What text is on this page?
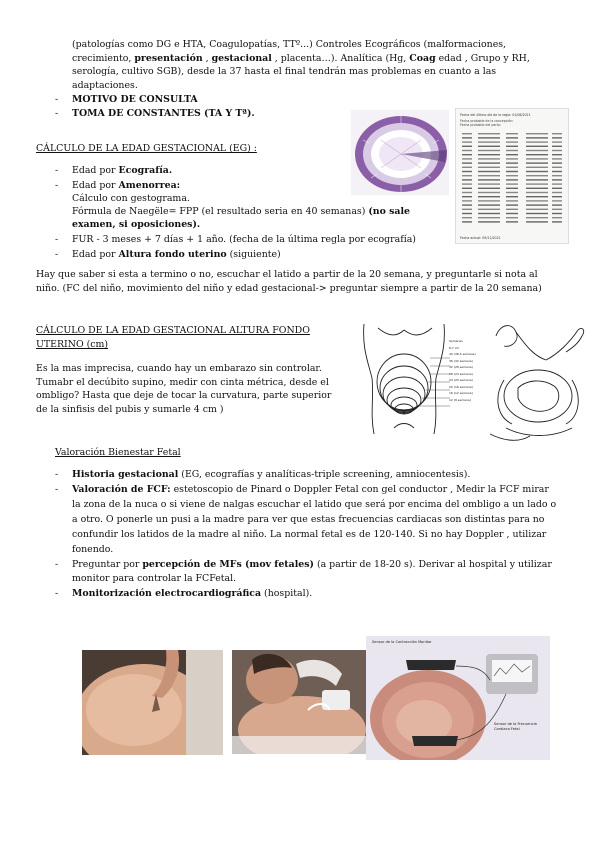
(patologías como DG e HTA, Coagulopatías, TTº...) Controles Ecográficos (malformaciones, crecimiento, presentación , gestacional , placenta…). Analítica (Hg, Coag edad , Grupo y RH, serología, cultivo SGB), desde la 37 hasta el final tendrán mas problemas en cuanto a las adaptaciones.
- MOTIVO DE CONSULTA
- TOMA DE CONSTANTES (TA Y Tª).
CÁLCULO DE LA EDAD GESTACIONAL (EG) :
- Edad por Ecografía.
- Edad por Amenorrea:
Cálculo con gestograma.
Fórmula de Naegële= FPP (el resultado seria en 40 semanas) (no sale examen, si oposiciones).
- FUR - 3 meses + 7 días + 1 año. (fecha de la última regla por ecografía)
- Edad por Altura fondo uterino (siguiente)
Hay que saber si esta a termino o no, escuchar el latido a partir de la 20 semana, y preguntarle si nota al niño. (FC del niño, movimiento del niño y edad gestacional-> preguntar siempre a partir de la 20 semana)
Fecha del último día de la regla: 01/08/2021
Fecha probable de la concepción:
Fecha probable del parto:
Fecha actual: 09/11/2021
CÁLCULO DE LA EDAD GESTACIONAL ALTURA FONDO
UTERINO (cm)
Es la mas imprecisa, cuando hay un embarazo sin controlar. Tumabr el decúbito supino, medir con cinta métrica, desde el ombligo? Hasta que deje de tocar la curvatura, parte superior de la sinfisis del pubis y sumarle 4 cm )
Semanas
8,7 cm
40 (36,5 semana)
36 (32 semana)
32 (28 semana)
28 (24 semana)
24 (20 semana)
20 (16 semana)
16 (12 semana)
12 (8 semana)
Valoración Bienestar Fetal
- Historia gestacional (EG, ecografías y analíticas-triple screening, amniocentesis).
- Valoración de FCF: estetoscopio de Pinard o Doppler Fetal con gel conductor , Medir la FCF mirar la zona de la nuca o si viene de nalgas escuchar el latido que será por encima del ombligo a un lado o a otro. O ponerle un pusi a la madre para ver que estas frecuencias cardiacas son distintas para no confundir los latidos de la madre al niño. La normal fetal es de 120-140. Si no hay Doppler , utilizar fonendo.
- Preguntar por percepción de MFs (mov fetales) (a partir de 18-20 s). Derivar al hospital y utilizar monitor para controlar la FCFetal.
- Monitorización electrocardiográfica (hospital).
Sensor de la Contracción Monitor
Sensor de la Frecuencia Cardiaca Fetal
